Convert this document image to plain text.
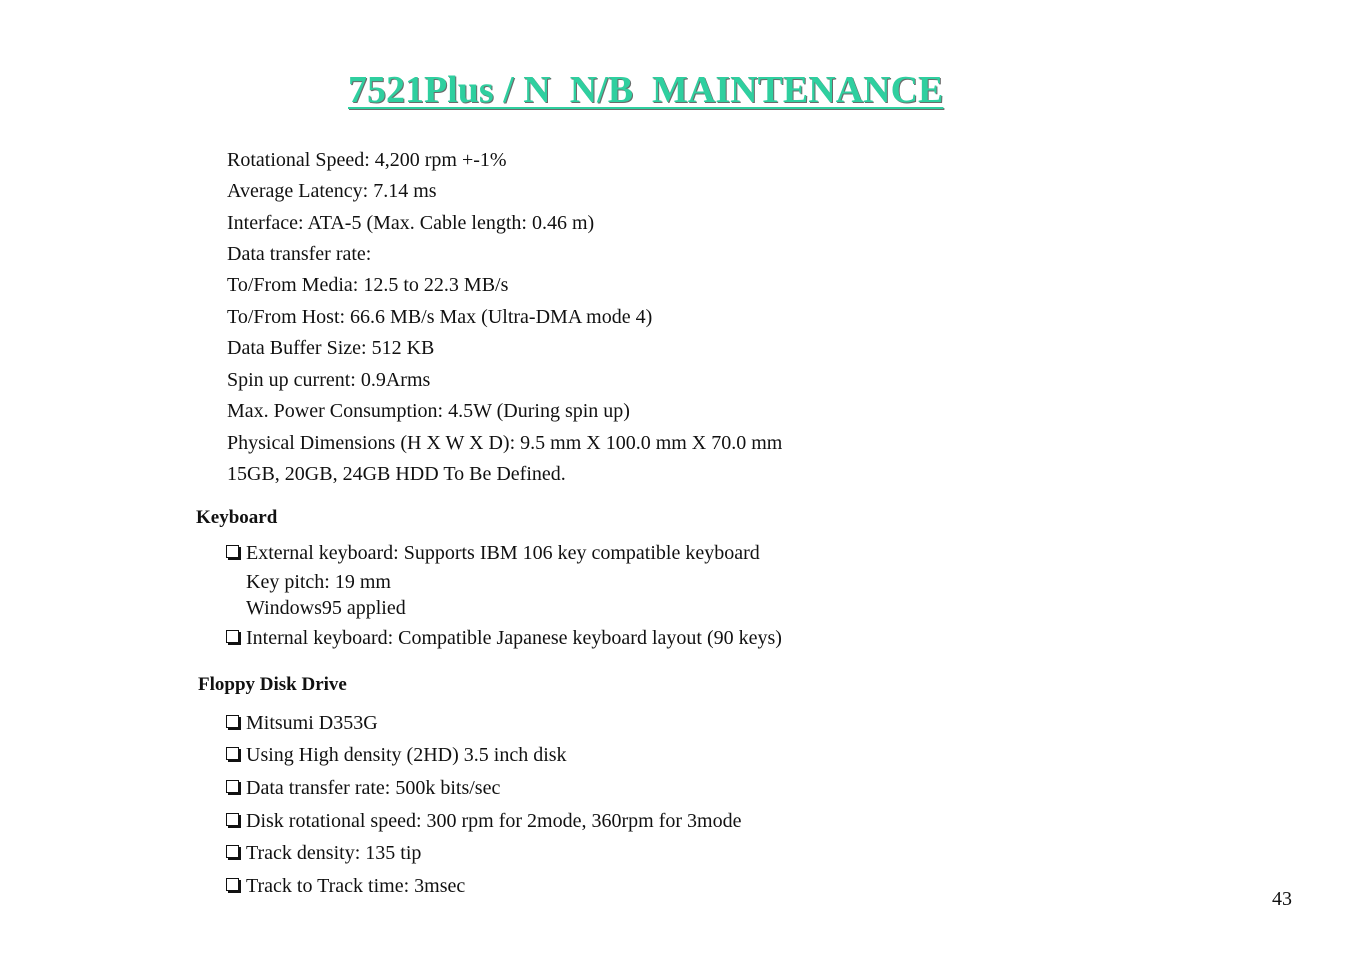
7521Plus / N  N/B  MAINTENANCE
Rotational Speed: 4,200 rpm +-1%
Average Latency: 7.14 ms
Interface: ATA-5 (Max. Cable length: 0.46 m)
Data transfer rate:
To/From Media: 12.5 to 22.3 MB/s
To/From Host: 66.6 MB/s Max (Ultra-DMA mode 4)
Data Buffer Size: 512 KB
Spin up current: 0.9Arms
Max. Power Consumption: 4.5W (During spin up)
Physical Dimensions (H X W X D): 9.5 mm X 100.0 mm X 70.0 mm
15GB, 20GB, 24GB HDD To Be Defined.
Keyboard
External keyboard: Supports IBM 106 key compatible keyboard
Key pitch: 19 mm
Windows95 applied
Internal keyboard: Compatible Japanese keyboard layout (90 keys)
Floppy Disk Drive
Mitsumi D353G
Using High density (2HD) 3.5 inch disk
Data transfer rate: 500k bits/sec
Disk rotational speed: 300 rpm for 2mode, 360rpm for 3mode
Track density: 135 tip
Track to Track time: 3msec
43
